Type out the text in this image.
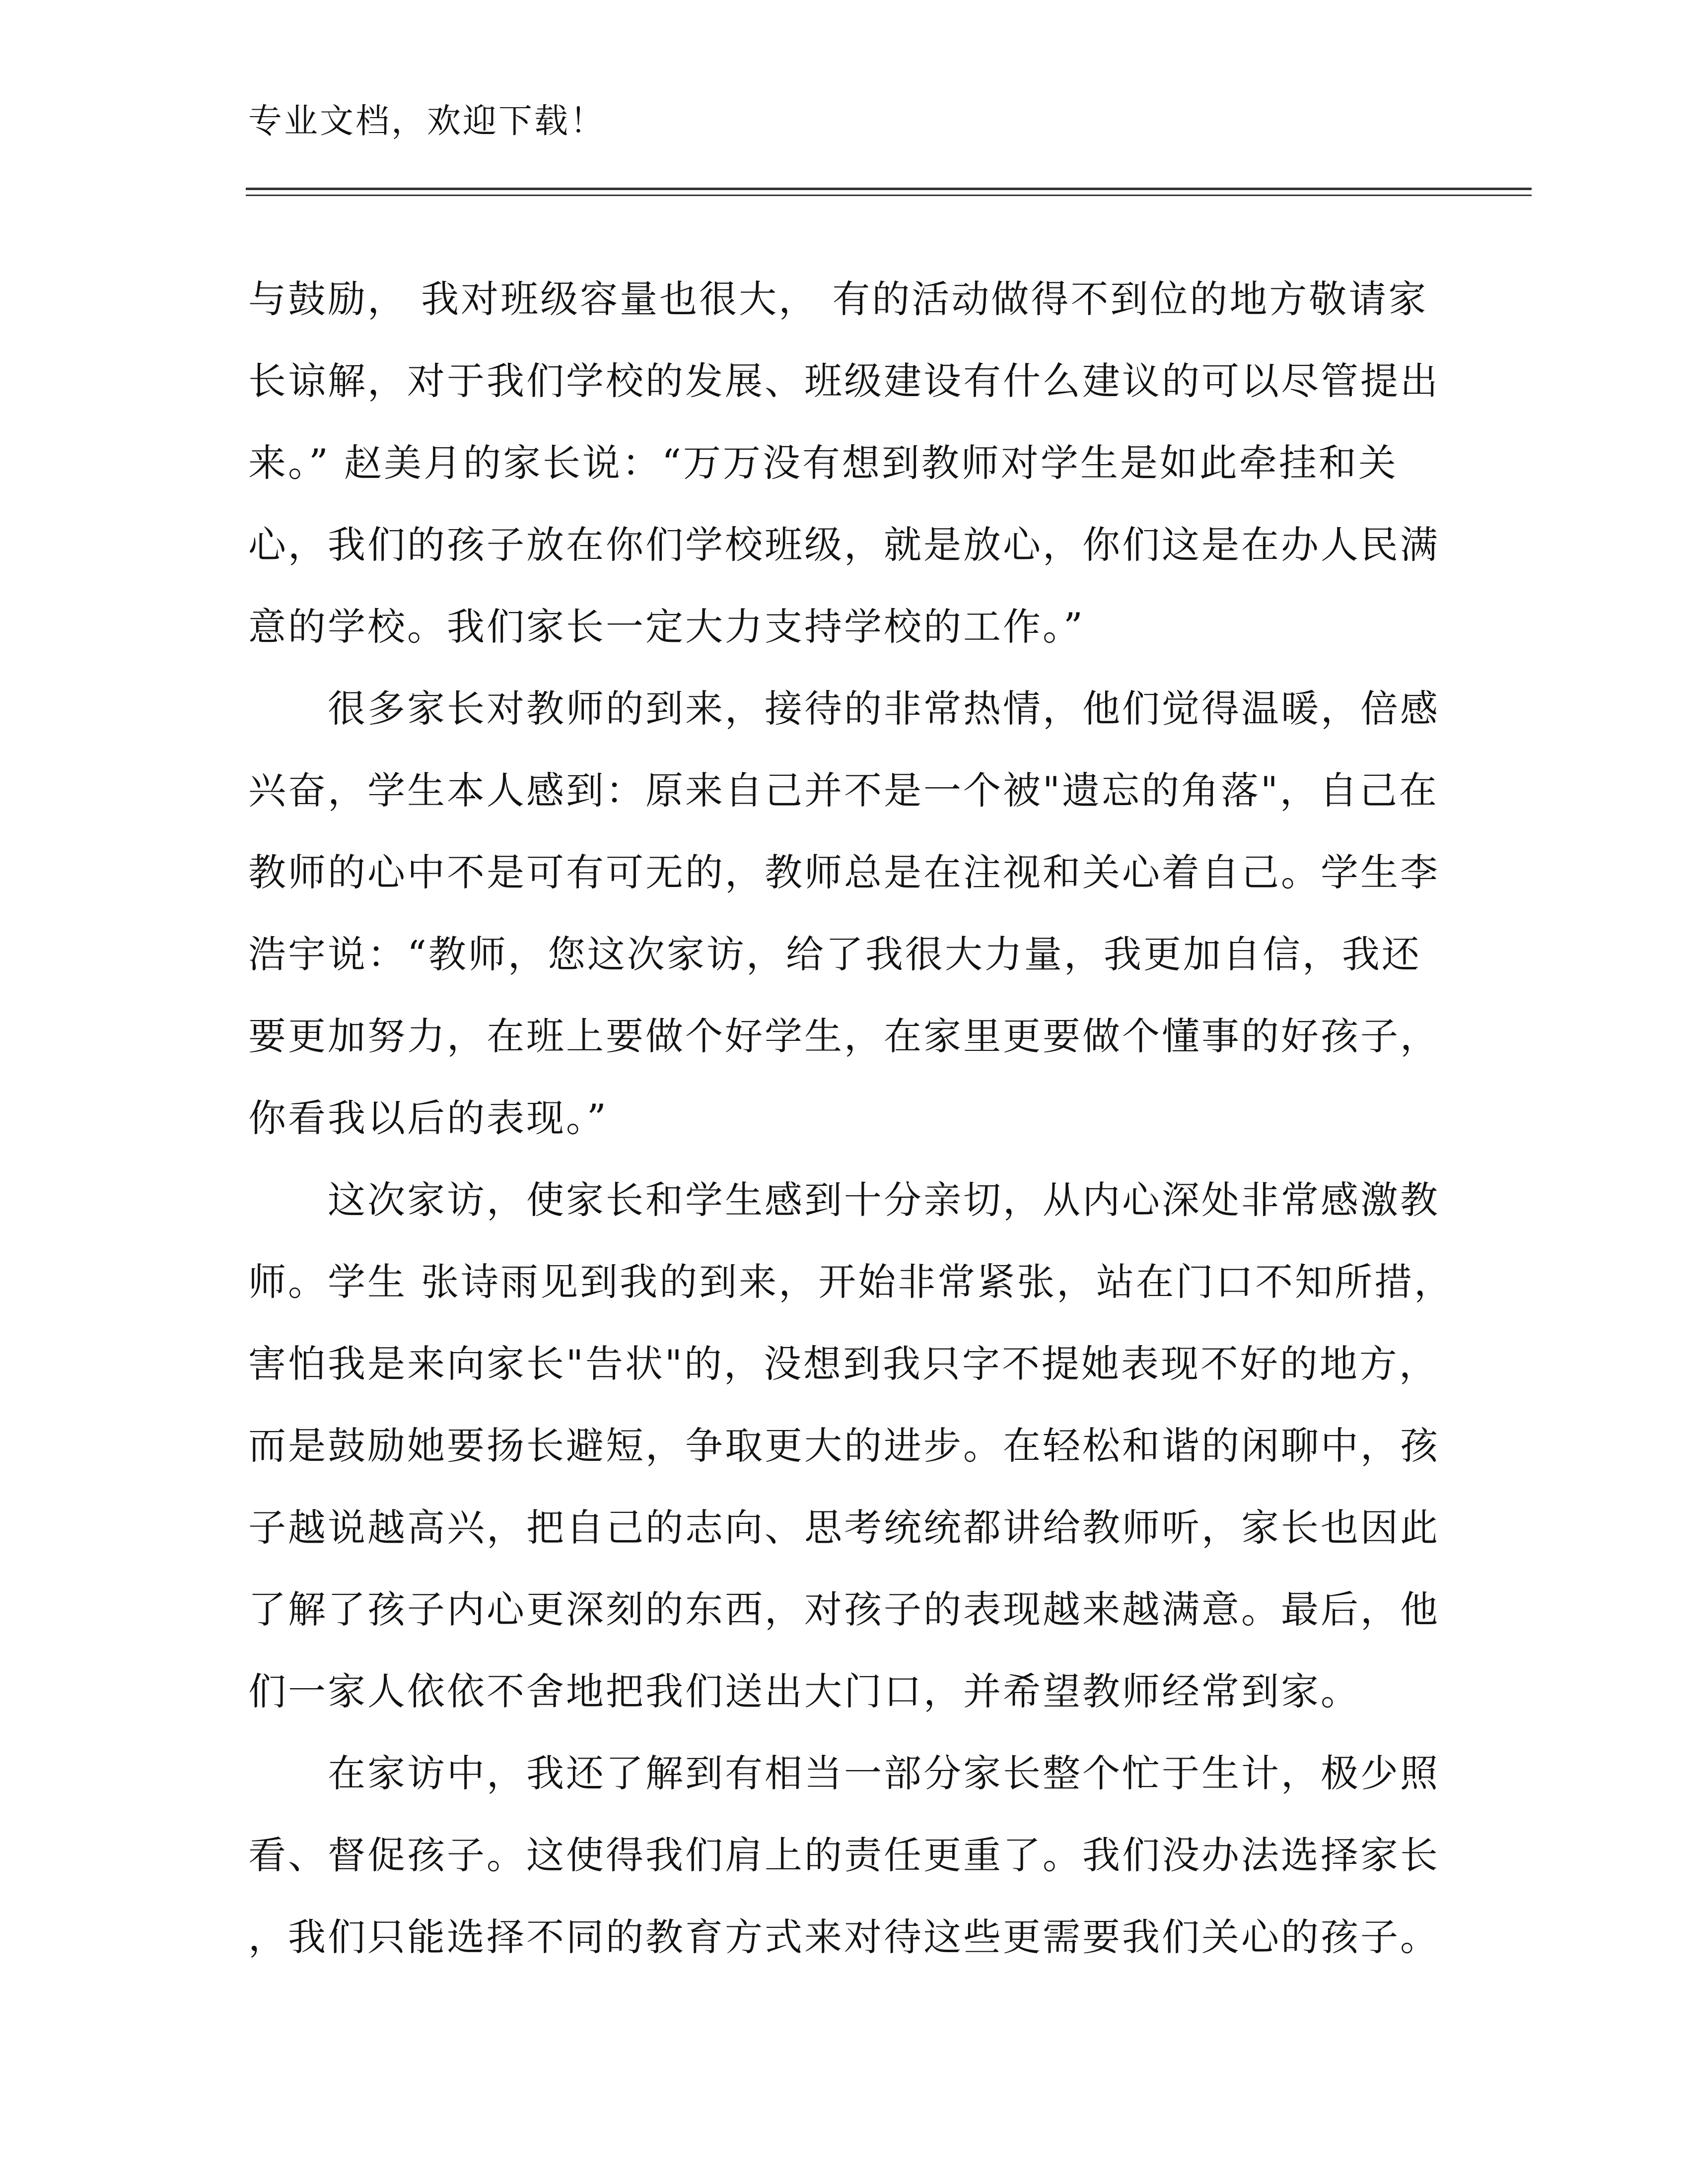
专业文档，欢迎下载！
与鼓励， 我对班级容量也很大， 有的活动做得不到位的地方敬请家
长谅解，对于我们学校的发展、班级建设有什么建议的可以尽管提出
来。” 赵美月的家长说：“万万没有想到教师对学生是如此牵挂和关
心，我们的孩子放在你们学校班级，就是放心，你们这是在办人民满
意的学校。我们家长一定大力支持学校的工作。”
　　很多家长对教师的到来，接待的非常热情，他们觉得温暖，倍感
兴奋，学生本人感到：原来自己并不是一个被"遗忘的角落"，自己在
教师的心中不是可有可无的，教师总是在注视和关心着自己。学生李
浩宇说：“教师，您这次家访，给了我很大力量，我更加自信，我还
要更加努力，在班上要做个好学生，在家里更要做个懂事的好孩子，
你看我以后的表现。”
　　这次家访，使家长和学生感到十分亲切，从内心深处非常感激教
师。学生 张诗雨见到我的到来，开始非常紧张，站在门口不知所措，
害怕我是来向家长"告状"的，没想到我只字不提她表现不好的地方，
而是鼓励她要扬长避短，争取更大的进步。在轻松和谐的闲聊中，孩
子越说越高兴，把自己的志向、思考统统都讲给教师听，家长也因此
了解了孩子内心更深刻的东西，对孩子的表现越来越满意。最后，他
们一家人依依不舍地把我们送出大门口，并希望教师经常到家。
　　在家访中，我还了解到有相当一部分家长整个忙于生计，极少照
看、督促孩子。这使得我们肩上的责任更重了。我们没办法选择家长
，我们只能选择不同的教育方式来对待这些更需要我们关心的孩子。
